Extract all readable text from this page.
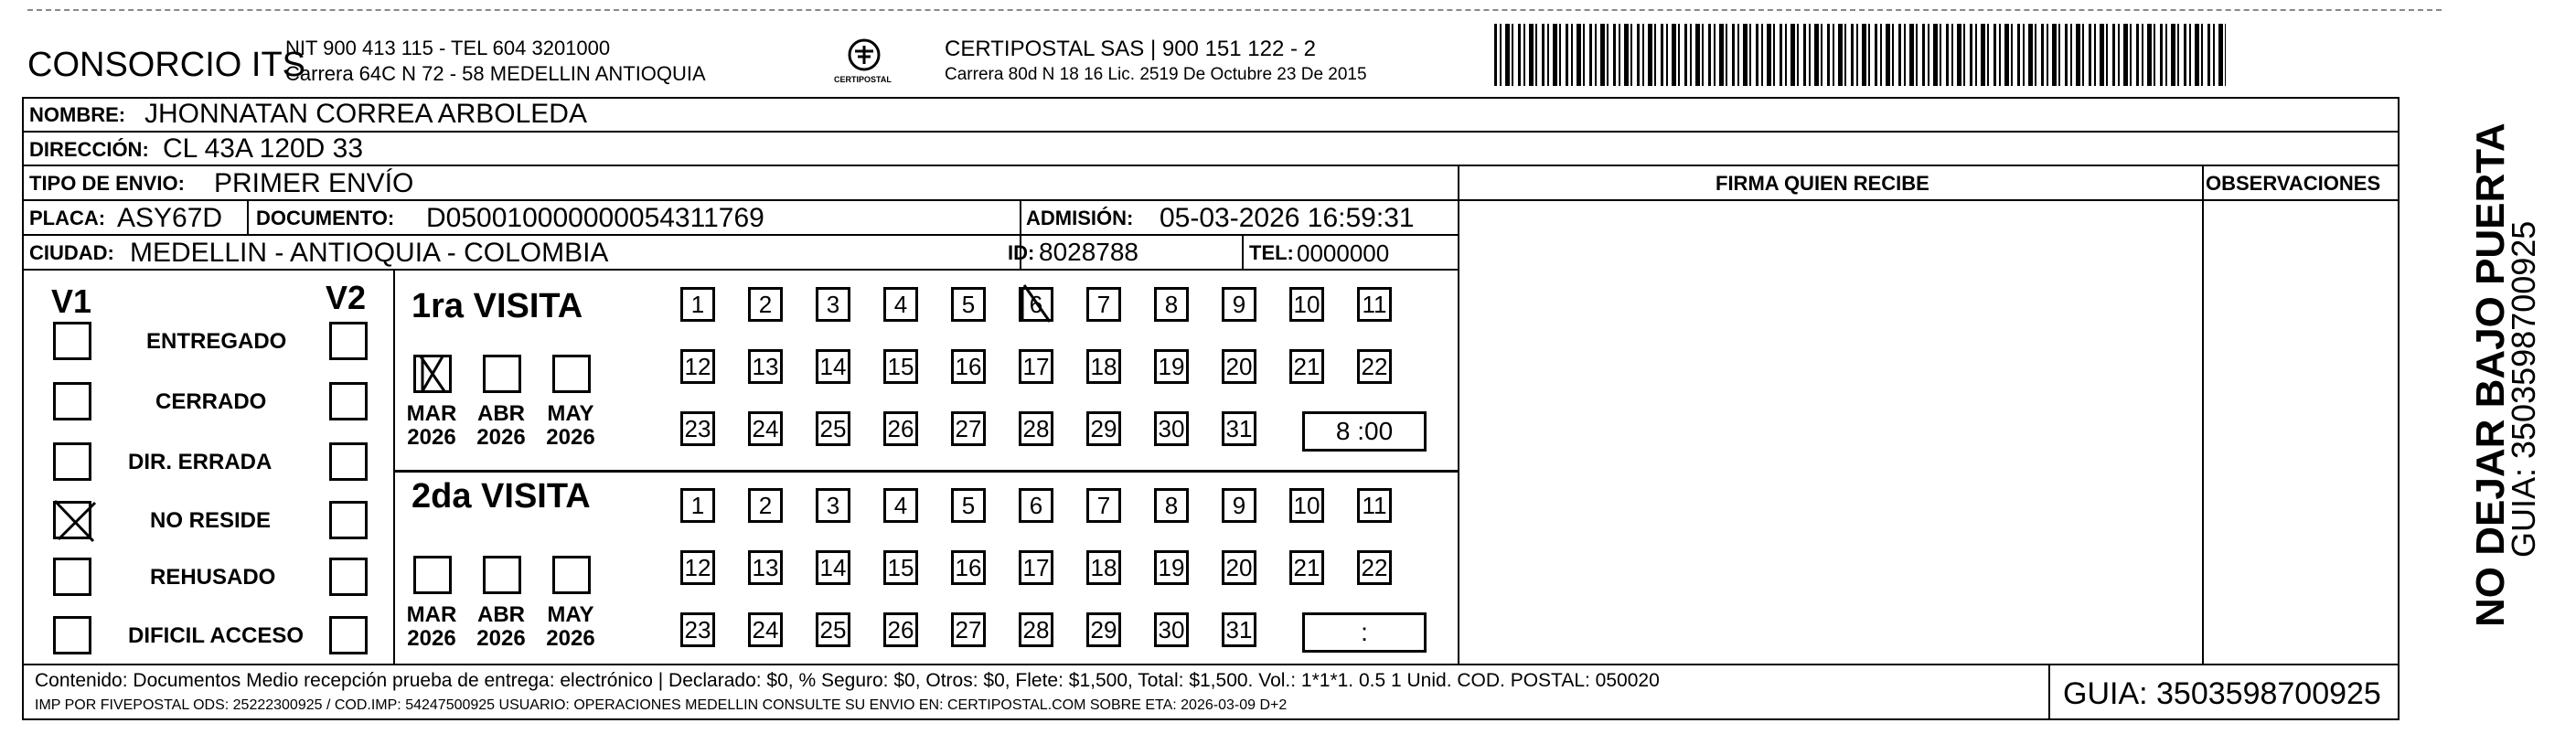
CONSORCIO ITS
NIT 900 413 115 - TEL 604 3201000
Carrera 64C N 72 - 58 MEDELLIN ANTIOQUIA	CERTIPOSTAL
CERTIPOSTAL SAS | 900 151 122 - 2
Carrera 80d N 18 16 Lic. 2519 De Octubre 23 De 2015
NOMBRE: JHONNATAN CORREA ARBOLEDA
DIRECCIÓN: CL 43A 120D 33
TIPO DE ENVIO: PRIMER ENVÍO	FIRMA QUIEN RECIBE	OBSERVACIONES
PLACA: ASY67D DOCUMENTO: D050010000000054311769	ADMISIÓN: 05-03-2026 16:59:31
CIUDAD: MEDELLIN - ANTIOQUIA - COLOMBIA	ID: 8028788	TEL: 0000000
V1	V2
ENTREGADO
CERRADO
DIR. ERRADA
NO RESIDE
REHUSADO
DIFICIL ACCESO
1ra VISITA
2da VISITA
MAR
2026
ABR
2026
MAY
2026
1	2	3	4	5	6	7	8	9	10 11
12 13 14 15 16 17 18 19 20 21 22
23 24 25 26 27 28 29 30 31	8 :00
MAR
2026
ABR
2026
MAY
2026
1	2	3	4	5	6	7	8	9	10 11
12 13 14 15 16 17 18 19 20 21 22
23 24 25 26 27 28 29 30 31	:
Contenido: Documentos Medio recepción prueba de entrega: electrónico | Declarado: $0, % Seguro: $0, Otros: $0, Flete: $1,500, Total: $1,500. Vol.: 1*1*1. 0.5 1 Unid. COD. POSTAL: 050020
IMP POR FIVEPOSTAL ODS: 25222300925 / COD.IMP: 54247500925 USUARIO: OPERACIONES MEDELLIN CONSULTE SU ENVIO EN: CERTIPOSTAL.COM SOBRE ETA: 2026-03-09 D+2	GUIA: 3503598700925
NO DEJAR BAJO PUERTA
GUIA: 3503598700925
